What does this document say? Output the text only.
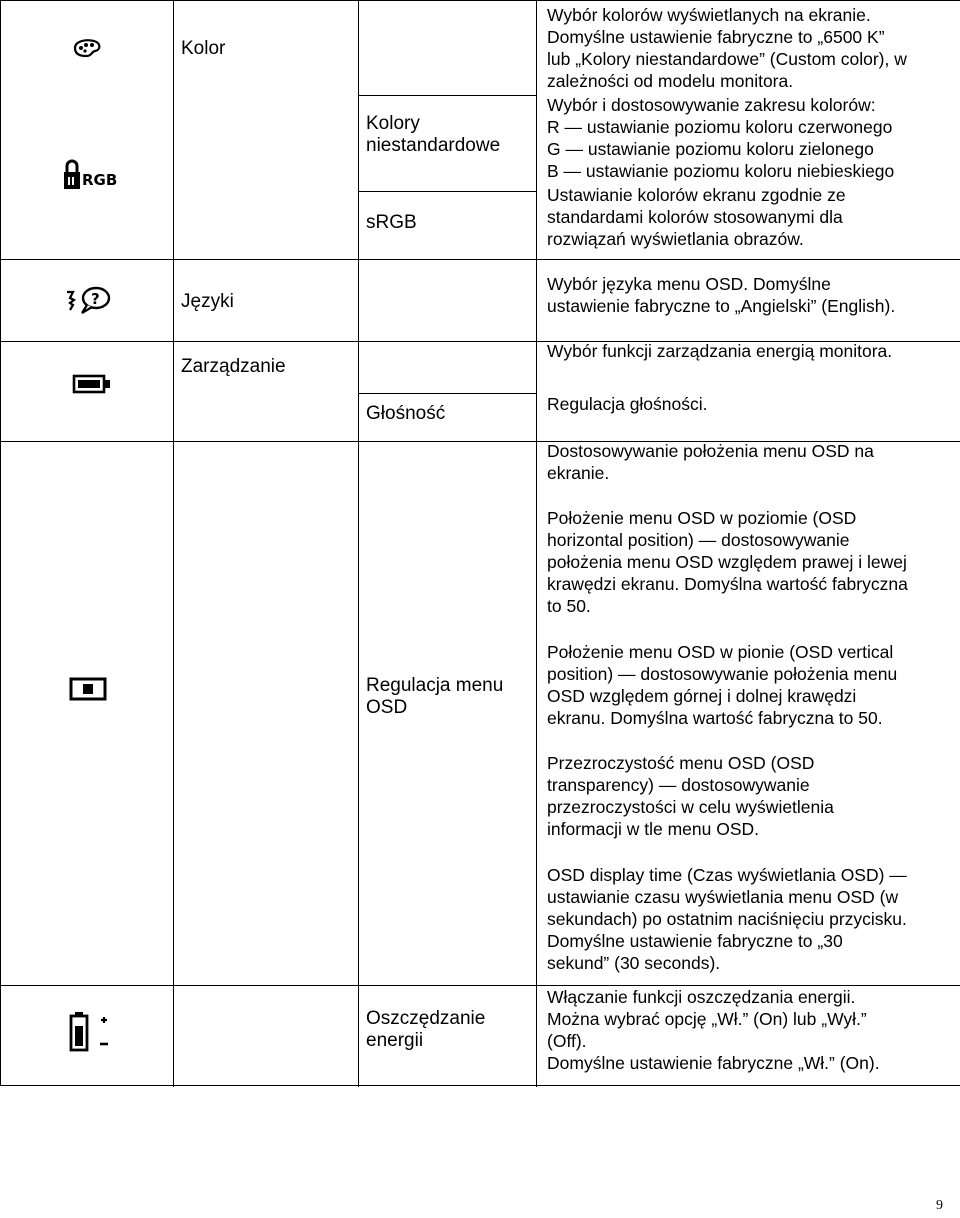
RGB
?
Kolor
Języki
Zarządzanie
Kolory
niestandardowe
sRGB
Głośność
Regulacja menu
OSD
Oszczędzanie
energii
Wybór kolorów wyświetlanych na ekranie.
Domyślne ustawienie fabryczne to „6500 K”
lub „Kolory niestandardowe” (Custom color), w
zależności od modelu monitora.
Wybór i dostosowywanie zakresu kolorów:
R — ustawianie poziomu koloru czerwonego
G — ustawianie poziomu koloru zielonego
B — ustawianie poziomu koloru niebieskiego
Ustawianie kolorów ekranu zgodnie ze
standardami kolorów stosowanymi dla
rozwiązań wyświetlania obrazów.
Wybór języka menu OSD. Domyślne
ustawienie fabryczne to „Angielski” (English).
Wybór funkcji zarządzania energią monitora.
Regulacja głośności.
Dostosowywanie położenia menu OSD na
ekranie.
Położenie menu OSD w poziomie (OSD
horizontal position) — dostosowywanie
położenia menu OSD względem prawej i lewej
krawędzi ekranu. Domyślna wartość fabryczna
to 50.
Położenie menu OSD w pionie (OSD vertical
position) — dostosowywanie położenia menu
OSD względem górnej i dolnej krawędzi
ekranu. Domyślna wartość fabryczna to 50.
Przezroczystość menu OSD (OSD
transparency) — dostosowywanie
przezroczystości w celu wyświetlenia
informacji w tle menu OSD.
OSD display time (Czas wyświetlania OSD) —
ustawianie czasu wyświetlania menu OSD (w
sekundach) po ostatnim naciśnięciu przycisku.
Domyślne ustawienie fabryczne to „30
sekund” (30 seconds).
Włączanie funkcji oszczędzania energii.
Można wybrać opcję „Wł.” (On) lub „Wył.”
(Off).
Domyślne ustawienie fabryczne „Wł.” (On).
9
